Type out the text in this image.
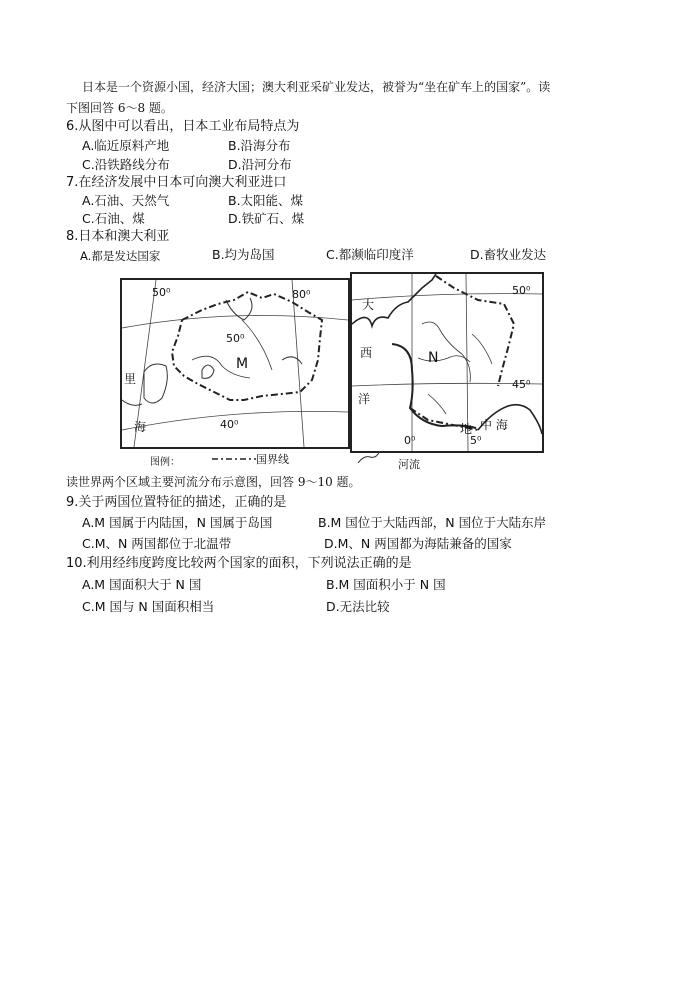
日本是一个资源小国，经济大国；澳大利亚采矿业发达，被誉为“坐在矿车上的国家”。读
下图回答 6～8 题。
6.从图中可以看出，日本工业布局特点为
A.临近原料产地	B.沿海分布
C.沿铁路线分布	D.沿河分布
7.在经济发展中日本可向澳大利亚进口
A.石油、天然气	B.太阳能、煤
C.石油、煤	D.铁矿石、煤
8.日本和澳大利亚
A.都是发达国家	B.均为岛国	C.都濒临印度洋	D.畜牧业发达
50⁰	80⁰
50⁰
M
里
海	40⁰
大
西
洋
N
50⁰
45⁰
0⁰	5⁰
地 中 海
图例：	国界线	河流
读世界两个区域主要河流分布示意图，回答 9～10 题。
9.关于两国位置特征的描述，正确的是
A.M 国属于内陆国，N 国属于岛国	B.M 国位于大陆西部，N 国位于大陆东岸
C.M、N 两国都位于北温带	D.M、N 两国都为海陆兼备的国家
10.利用经纬度跨度比较两个国家的面积，下列说法正确的是
A.M 国面积大于 N 国	B.M 国面积小于 N 国
C.M 国与 N 国面积相当	D.无法比较
